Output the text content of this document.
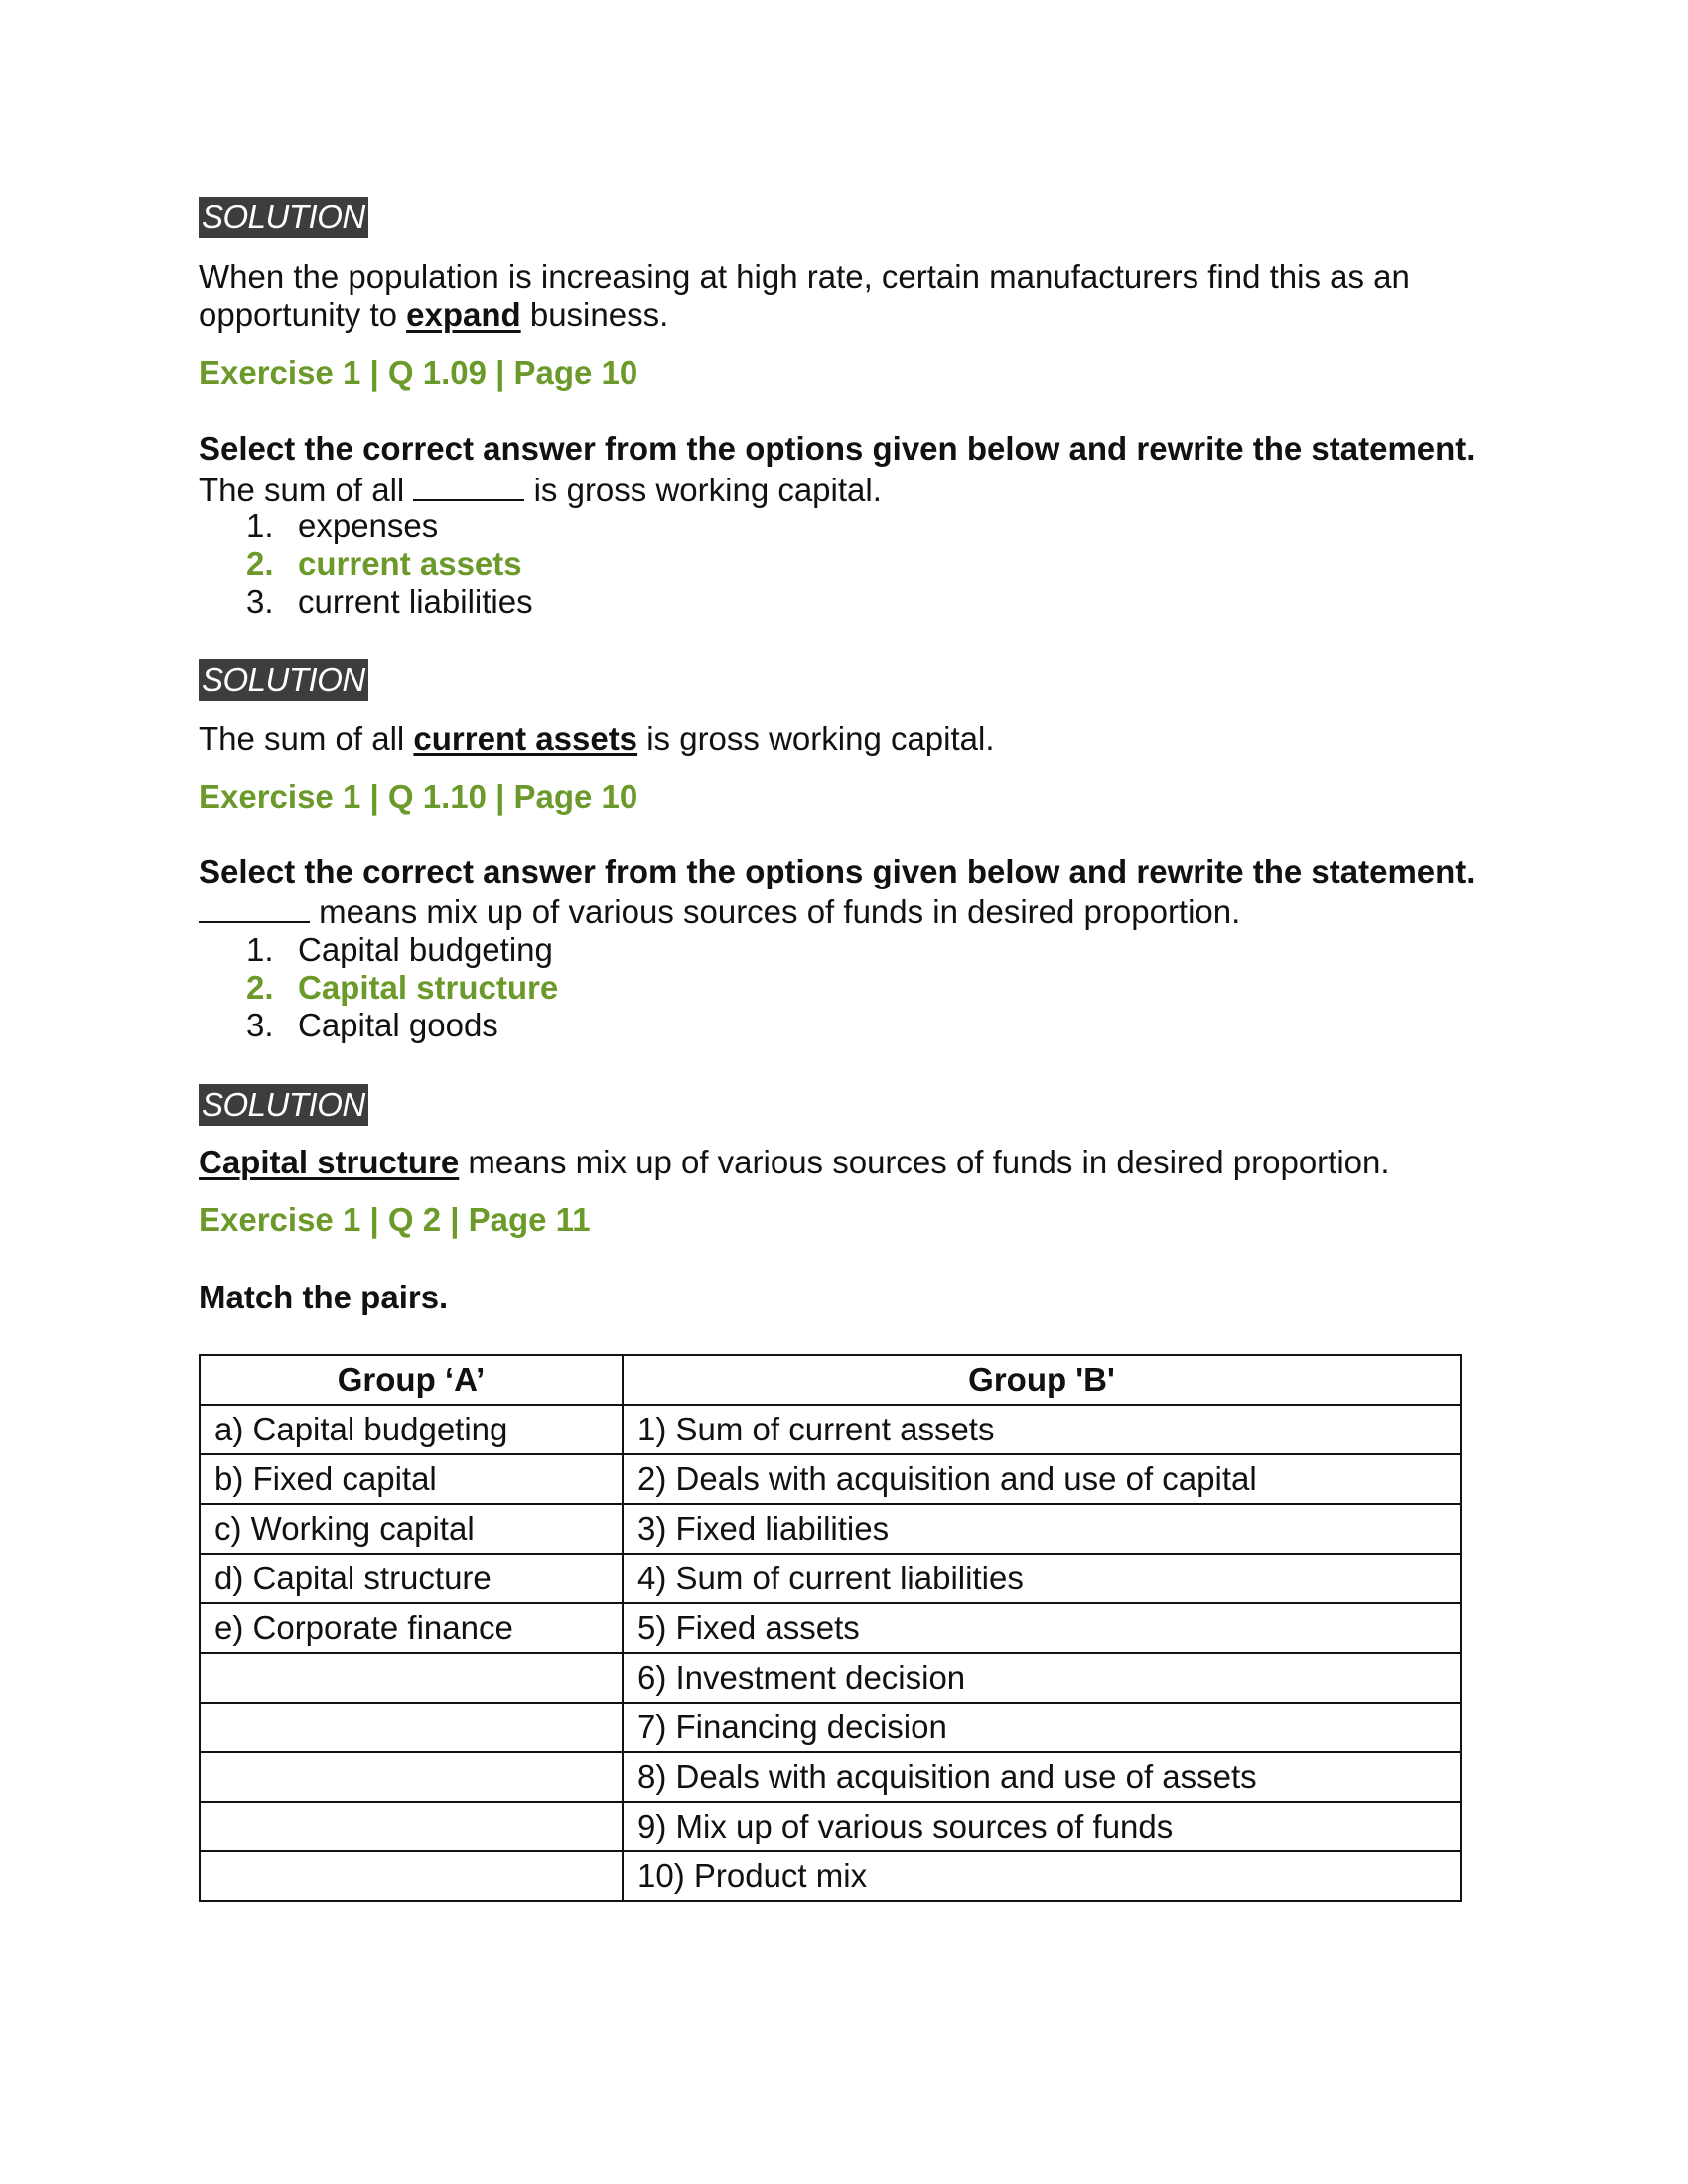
SOLUTION

When the population is increasing at high rate, certain manufacturers find this as an

opportunity to expand business.

Exercise 1 | Q 1.09 | Page 10

Select the correct answer from the options given below and rewrite the statement.

The sum of all	is gross working capital.

1. expenses
2. current assets
3. current liabilities
SOLUTION

The sum of all current assets is gross working capital.

Exercise 1 | Q 1.10 | Page 10

Select the correct answer from the options given below and rewrite the statement.

means mix up of various sources of funds in desired proportion.

1. Capital budgeting
2. Capital structure
3. Capital goods
SOLUTION

Capital structure means mix up of various sources of funds in desired proportion.

Exercise 1 | Q 2 | Page 11

Match the pairs.

Group ‘A’	Group 'B'
a) Capital budgeting	1) Sum of current assets
b) Fixed capital	2) Deals with acquisition and use of capital
c) Working capital	3) Fixed liabilities
d) Capital structure	4) Sum of current liabilities
e) Corporate finance	5) Fixed assets
	6) Investment decision
	7) Financing decision
	8) Deals with acquisition and use of assets
	9) Mix up of various sources of funds
	10) Product mix
